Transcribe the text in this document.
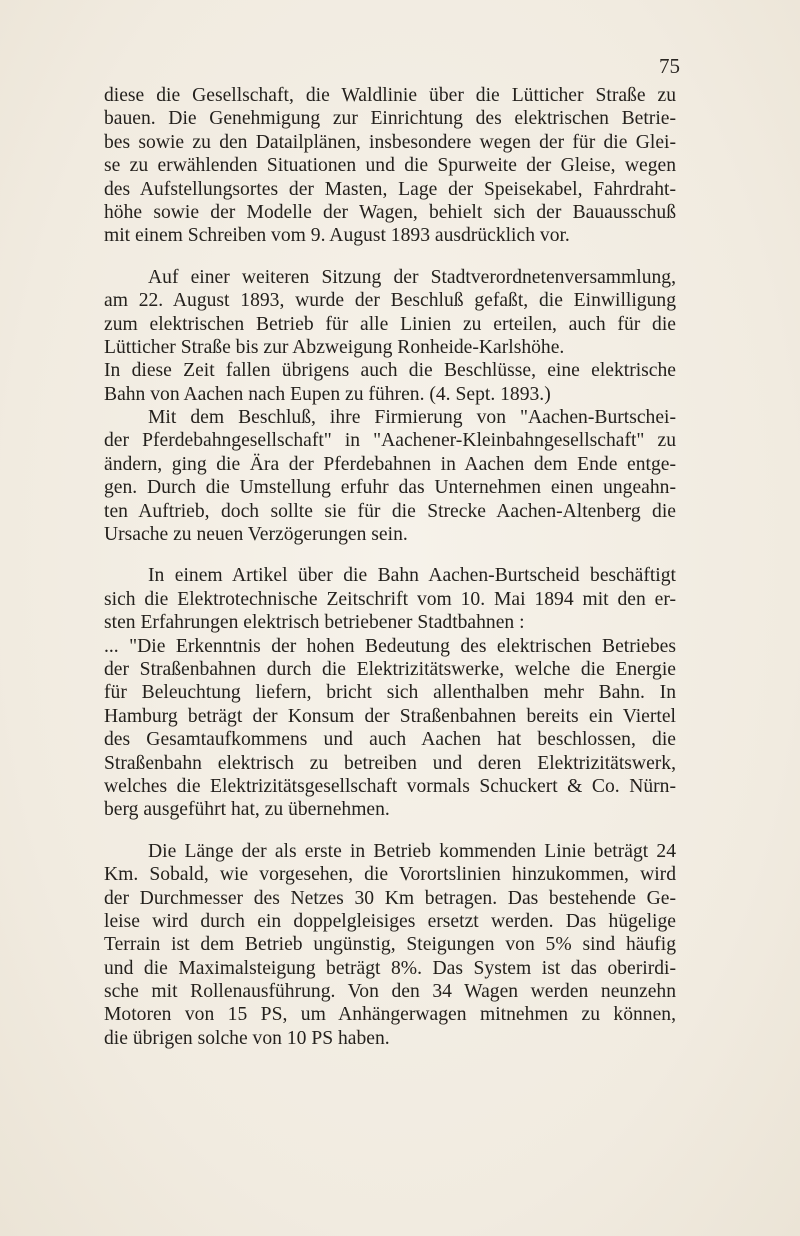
75
diese die Gesellschaft, die Waldlinie über die Lütticher Straße zu
bauen. Die Genehmigung zur Einrichtung des elektrischen Betrie-
bes sowie zu den Datailplänen, insbesondere wegen der für die Glei-
se zu erwählenden Situationen und die Spurweite der Gleise, wegen
des Aufstellungsortes der Masten, Lage der Speisekabel, Fahrdraht-
höhe sowie der Modelle der Wagen, behielt sich der Bauausschuß
mit einem Schreiben vom 9. August 1893 ausdrücklich vor.
Auf einer weiteren Sitzung der Stadtverordnetenversammlung,
am 22. August 1893, wurde der Beschluß gefaßt, die Einwilligung
zum elektrischen Betrieb für alle Linien zu erteilen, auch für die
Lütticher Straße bis zur Abzweigung Ronheide-Karlshöhe.
In diese Zeit fallen übrigens auch die Beschlüsse, eine elektrische
Bahn von Aachen nach Eupen zu führen. (4. Sept. 1893.)
Mit dem Beschluß, ihre Firmierung von "Aachen-Burtschei-
der Pferdebahngesellschaft" in "Aachener-Kleinbahngesellschaft" zu
ändern, ging die Ära der Pferdebahnen in Aachen dem Ende entge-
gen. Durch die Umstellung erfuhr das Unternehmen einen ungeahn-
ten Auftrieb, doch sollte sie für die Strecke Aachen-Altenberg die
Ursache zu neuen Verzögerungen sein.
In einem Artikel über die Bahn Aachen-Burtscheid beschäftigt
sich die Elektrotechnische Zeitschrift vom 10. Mai 1894 mit den er-
sten Erfahrungen elektrisch betriebener Stadtbahnen :
... "Die Erkenntnis der hohen Bedeutung des elektrischen Betriebes
der Straßenbahnen durch die Elektrizitätswerke, welche die Energie
für Beleuchtung liefern, bricht sich allenthalben mehr Bahn. In
Hamburg beträgt der Konsum der Straßenbahnen bereits ein Viertel
des Gesamtaufkommens und auch Aachen hat beschlossen, die
Straßenbahn elektrisch zu betreiben und deren Elektrizitätswerk,
welches die Elektrizitätsgesellschaft vormals Schuckert & Co. Nürn-
berg ausgeführt hat, zu übernehmen.
Die Länge der als erste in Betrieb kommenden Linie beträgt 24
Km. Sobald, wie vorgesehen, die Vorortslinien hinzukommen, wird
der Durchmesser des Netzes 30 Km betragen. Das bestehende Ge-
leise wird durch ein doppelgleisiges ersetzt werden. Das hügelige
Terrain ist dem Betrieb ungünstig, Steigungen von 5% sind häufig
und die Maximalsteigung beträgt 8%. Das System ist das oberirdi-
sche mit Rollenausführung. Von den 34 Wagen werden neunzehn
Motoren von 15 PS, um Anhängerwagen mitnehmen zu können,
die übrigen solche von 10 PS haben.
